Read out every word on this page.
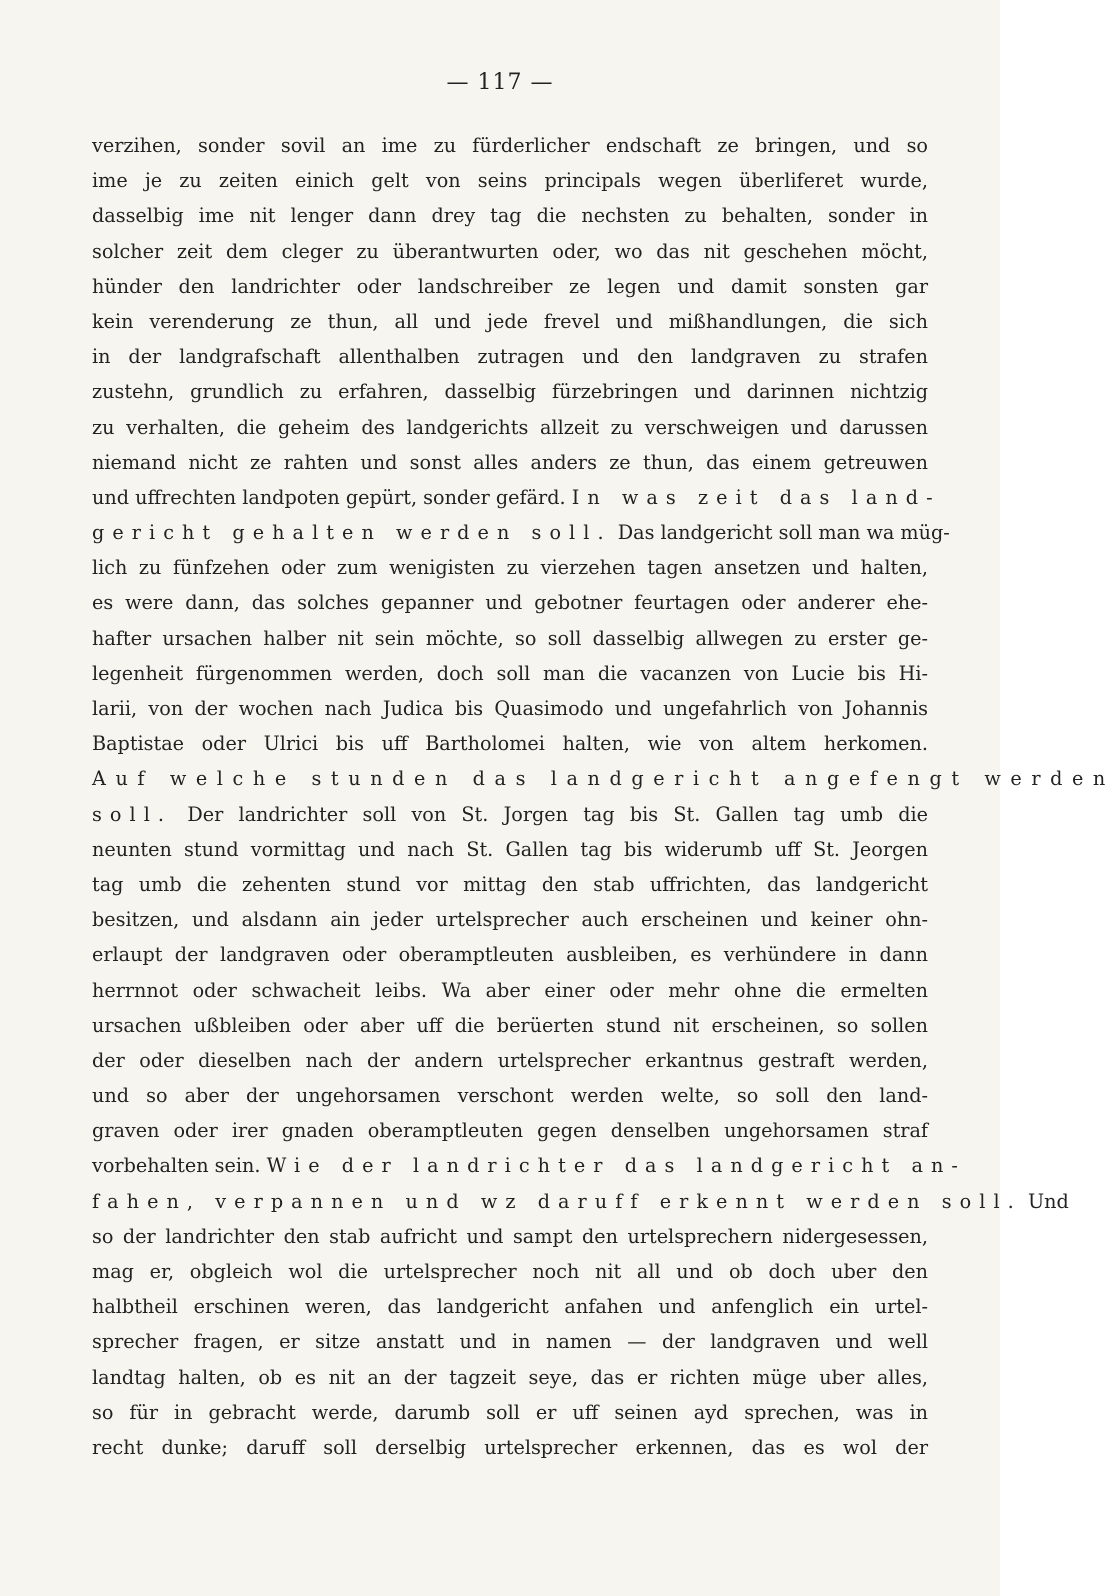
— 117 —
verzihen, sonder sovil an ime zu fürderlicher endschaft ze bringen, und so
ime je zu zeiten einich gelt von seins principals wegen überliferet wurde,
dasselbig ime nit lenger dann drey tag die nechsten zu behalten, sonder in
solcher zeit dem cleger zu überantwurten oder, wo das nit geschehen möcht,
hünder den landrichter oder landschreiber ze legen und damit sonsten gar
kein verenderung ze thun, all und jede frevel und mißhandlungen, die sich
in der landgrafschaft allenthalben zutragen und den landgraven zu strafen
zustehn, grundlich zu erfahren, dasselbig fürzebringen und darinnen nichtzig
zu verhalten, die geheim des landgerichts allzeit zu verschweigen und darussen
niemand nicht ze rahten und sonst alles anders ze thun, das einem getreuwen
und uffrechten landpoten gepürt, sonder gefärd. In was zeit das land-
gericht gehalten werden soll. Das landgericht soll man wa müg-
lich zu fünfzehen oder zum wenigisten zu vierzehen tagen ansetzen und halten,
es were dann, das solches gepanner und gebotner feurtagen oder anderer ehe-
hafter ursachen halber nit sein möchte, so soll dasselbig allwegen zu erster ge-
legenheit fürgenommen werden, doch soll man die vacanzen von Lucie bis Hi-
larii, von der wochen nach Judica bis Quasimodo und ungefahrlich von Johannis
Baptistae oder Ulrici bis uff Bartholomei halten, wie von altem herkomen.
Auf welche stunden das landgericht angefengt werden
soll. Der landrichter soll von St. Jorgen tag bis St. Gallen tag umb die
neunten stund vormittag und nach St. Gallen tag bis widerumb uff St. Jeorgen
tag umb die zehenten stund vor mittag den stab uffrichten, das landgericht
besitzen, und alsdann ain jeder urtelsprecher auch erscheinen und keiner ohn-
erlaupt der landgraven oder oberamptleuten ausbleiben, es verhündere in dann
herrnnot oder schwacheit leibs. Wa aber einer oder mehr ohne die ermelten
ursachen ußbleiben oder aber uff die berüerten stund nit erscheinen, so sollen
der oder dieselben nach der andern urtelsprecher erkantnus gestraft werden,
und so aber der ungehorsamen verschont werden welte, so soll den land-
graven oder irer gnaden oberamptleuten gegen denselben ungehorsamen straf
vorbehalten sein. Wie der landrichter das landgericht an-
fahen, verpannen und wz daruff erkennt werden soll. Und
so der landrichter den stab aufricht und sampt den urtelsprechern nidergesessen,
mag er, obgleich wol die urtelsprecher noch nit all und ob doch uber den
halbtheil erschinen weren, das landgericht anfahen und anfenglich ein urtel-
sprecher fragen, er sitze anstatt und in namen — der landgraven und well
landtag halten, ob es nit an der tagzeit seye, das er richten müge uber alles,
so für in gebracht werde, darumb soll er uff seinen ayd sprechen, was in
recht dunke; daruff soll derselbig urtelsprecher erkennen, das es wol der
